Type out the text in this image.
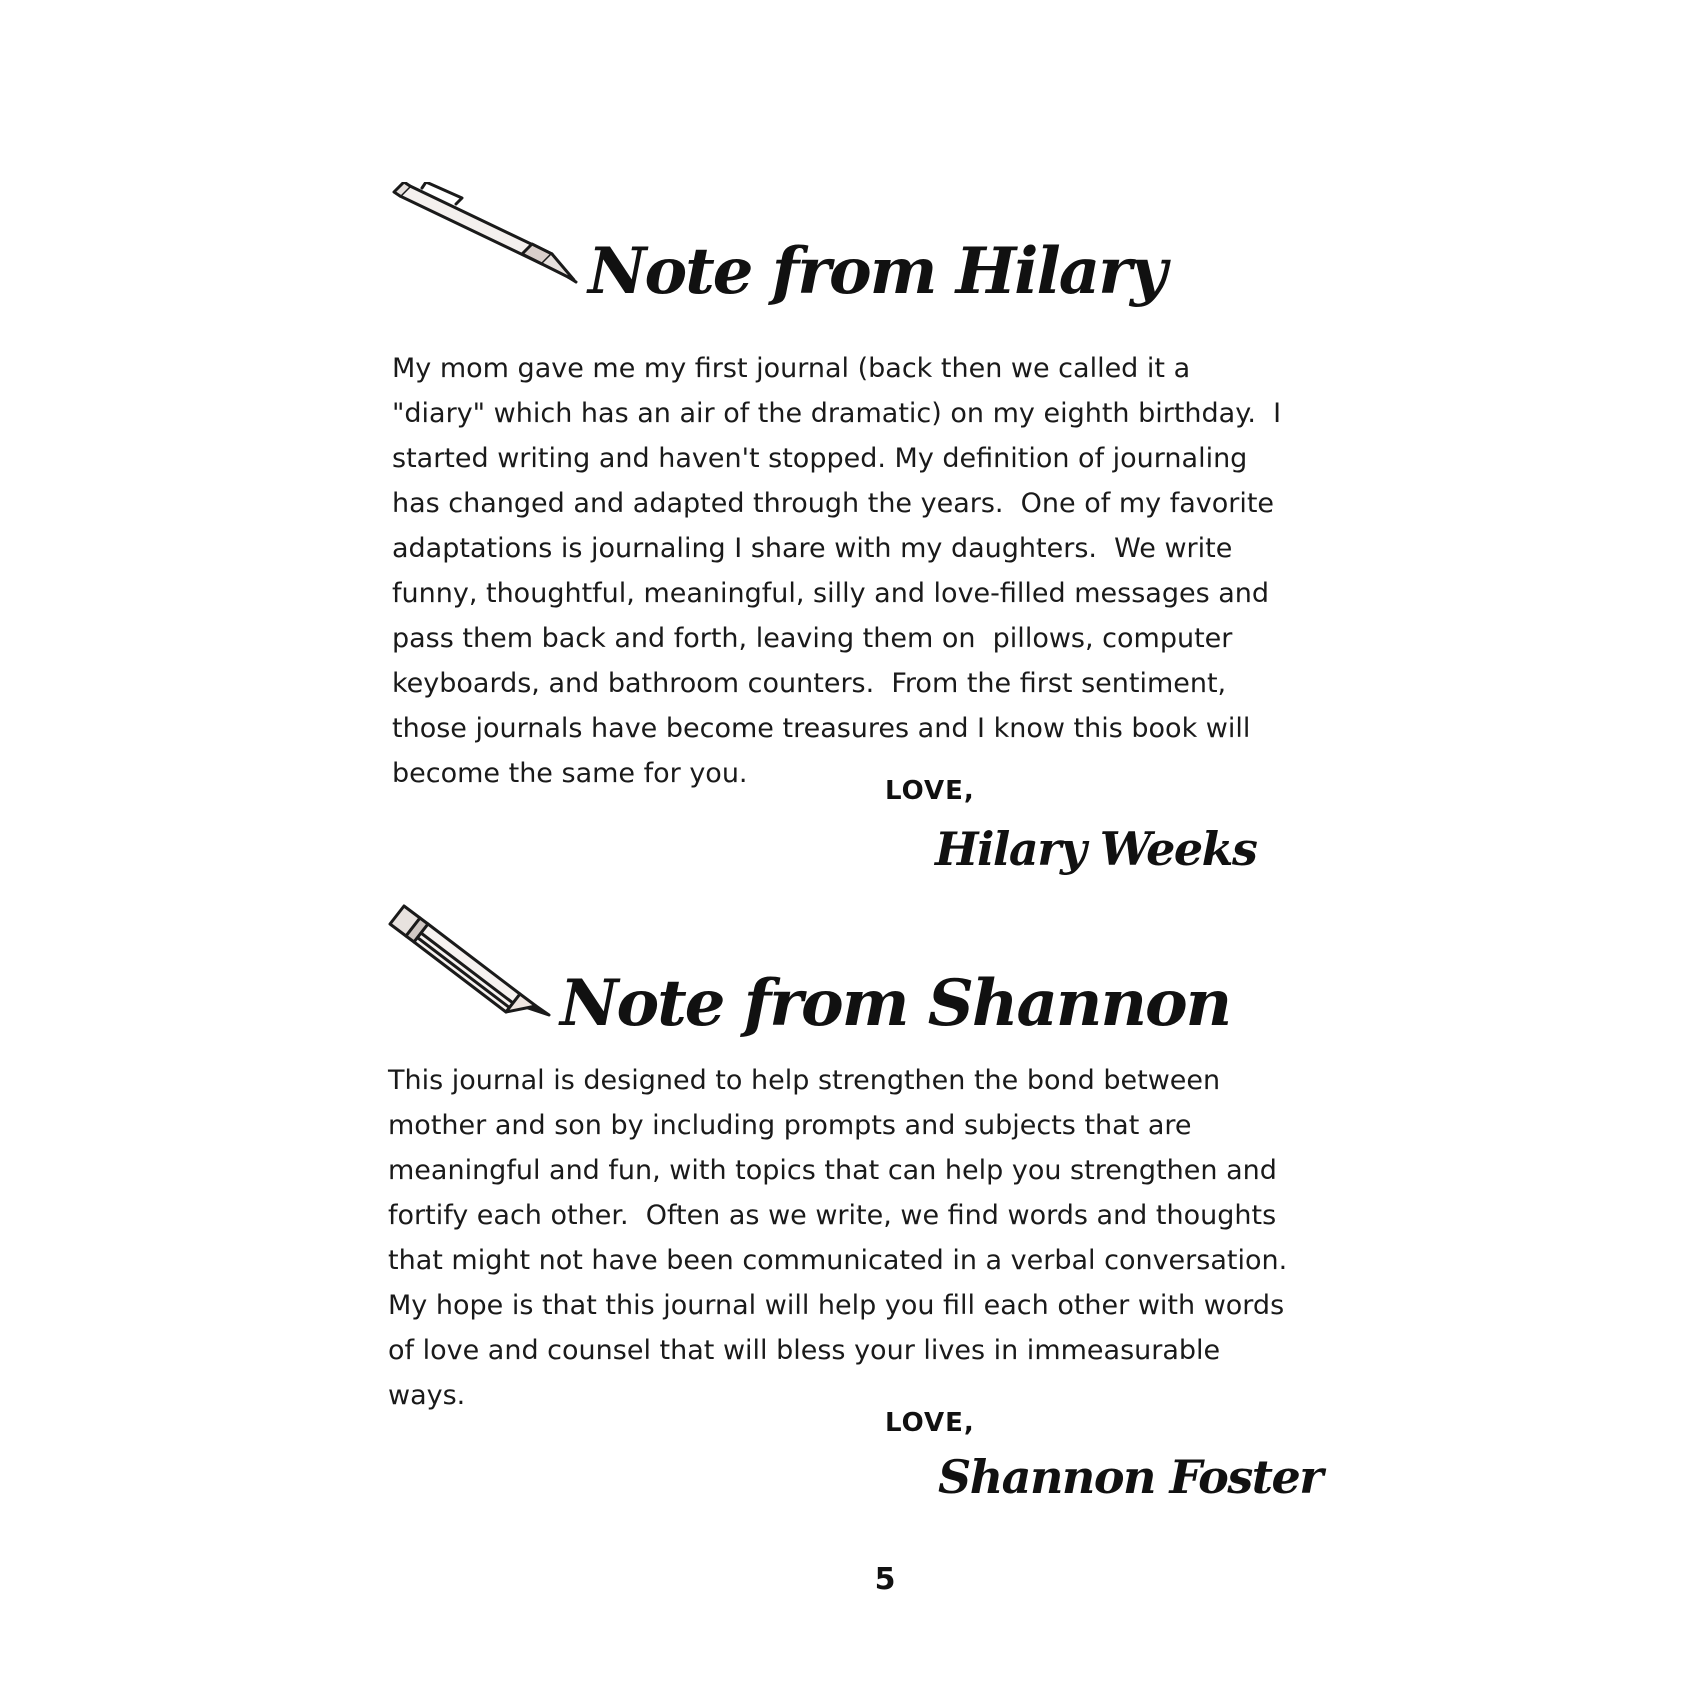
Note from Hilary
My mom gave me my first journal (back then we called it a
"diary" which has an air of the dramatic) on my eighth birthday.  I
started writing and haven't stopped. My definition of journaling
has changed and adapted through the years.  One of my favorite
adaptations is journaling I share with my daughters.  We write
funny, thoughtful, meaningful, silly and love-filled messages and
pass them back and forth, leaving them on  pillows, computer
keyboards, and bathroom counters.  From the first sentiment,
those journals have become treasures and I know this book will
become the same for you.
LOVE,
Hilary Weeks
Note from Shannon
This journal is designed to help strengthen the bond between
mother and son by including prompts and subjects that are
meaningful and fun, with topics that can help you strengthen and
fortify each other.  Often as we write, we find words and thoughts
that might not have been communicated in a verbal conversation.
My hope is that this journal will help you fill each other with words
of love and counsel that will bless your lives in immeasurable
ways.
LOVE,
Shannon Foster
5
